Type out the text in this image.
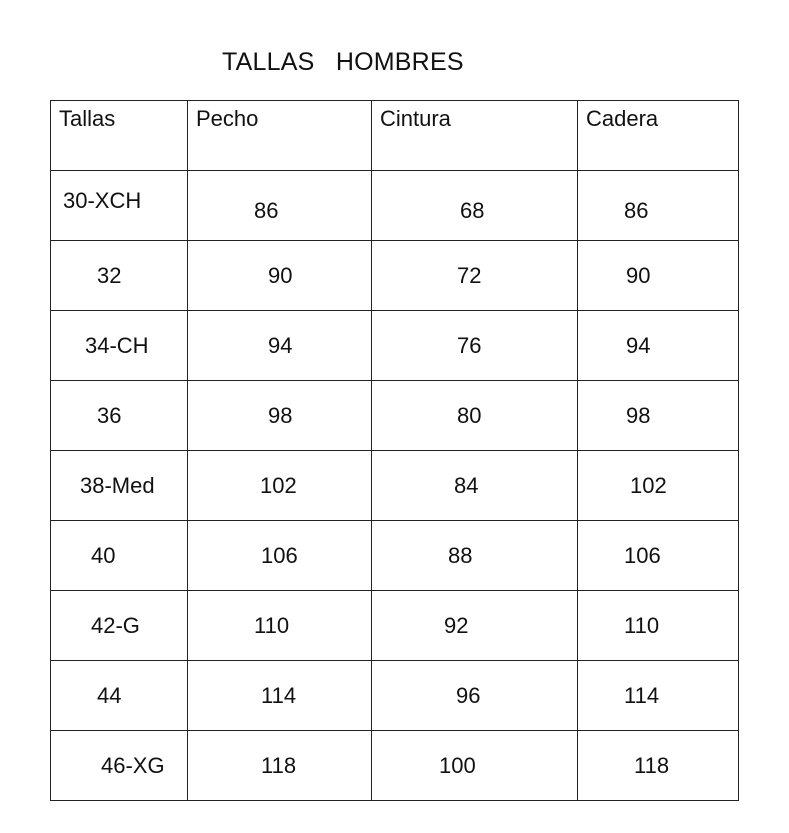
TALLAS   HOMBRES
Tallas	Pecho	Cintura	Cadera

30-XCH	86	68	86

32	90	72	90

34-CH	94	76	94

36	98	80	98

38-Med	102	84	102

40	106	88	106

42-G	110	92	110

44	114	96	114

46-XG	118	100	118
